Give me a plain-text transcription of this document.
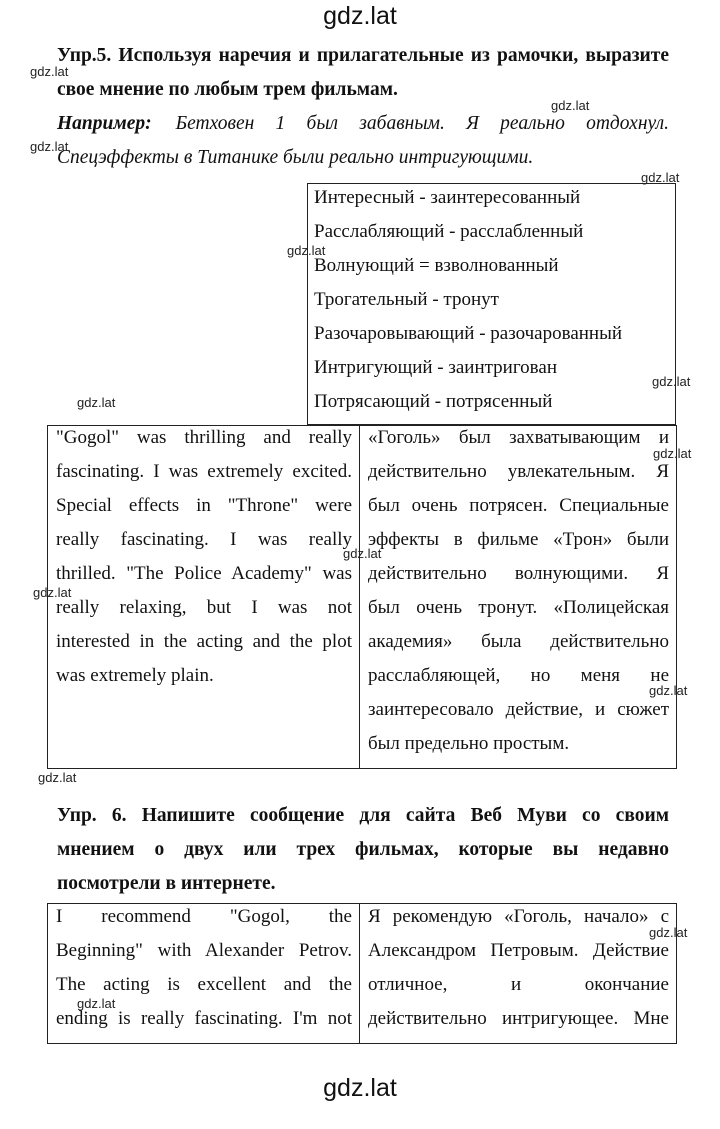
gdz.lat
Упр.5. Используя наречия и прилагательные из рамочки, выразите
свое мнение по любым трем фильмам.
Например: Бетховен 1 был забавным. Я реально отдохнул.
Спецэффекты в Титанике были реально интригующими.
Интересный - заинтересованный
Расслабляющий - расслабленный
Волнующий = взволнованный
Трогательный - тронут
Разочаровывающий - разочарованный
Интригующий - заинтригован
Потрясающий - потрясенный
"Gogol" was thrilling and really
fascinating. I was extremely excited.
Special effects in "Throne" were
really fascinating. I was really
thrilled. "The Police Academy" was
really relaxing, but I was not
interested in the acting and the plot
was extremely plain.
«Гоголь» был захватывающим и
действительно увлекательным. Я
был очень потрясен. Специальные
эффекты в фильме «Трон» были
действительно волнующими. Я
был очень тронут. «Полицейская
академия» была действительно
расслабляющей, но меня не
заинтересовало действие, и сюжет
был предельно простым.
Упр. 6. Напишите сообщение для сайта Веб Муви со своим
мнением о двух или трех фильмах, которые вы недавно
посмотрели в интернете.
I recommend "Gogol, the
Beginning" with Alexander Petrov.
The acting is excellent and the
ending is really fascinating. I'm not
Я рекомендую «Гоголь, начало» с
Александром Петровым. Действие
отличное, и окончание
действительно интригующее. Мне
gdz.lat
gdz.lat
gdz.lat
gdz.lat
gdz.lat
gdz.lat
gdz.lat
gdz.lat
gdz.lat
gdz.lat
gdz.lat
gdz.lat
gdz.lat
gdz.lat
gdz.lat
